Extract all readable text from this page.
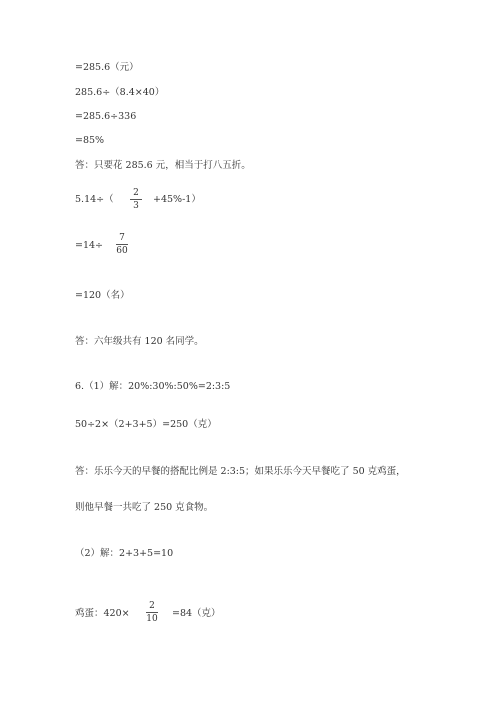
=285.6（元）
285.6÷（8.4×40）
=285.6÷336
=85%
答：只要花 285.6 元，相当于打八五折。
5.14÷（
2
3
+45%-1）
=14÷
7
60
=120（名）
答：六年级共有 120 名同学。
6.（1）解：20%:30%:50%=2:3:5
50÷2×（2+3+5）=250（克）
答：乐乐今天的早餐的搭配比例是 2:3:5；如果乐乐今天早餐吃了 50 克鸡蛋，
则他早餐一共吃了 250 克食物。
（2）解：2+3+5=10
鸡蛋：420×
2
10 =84（克）
